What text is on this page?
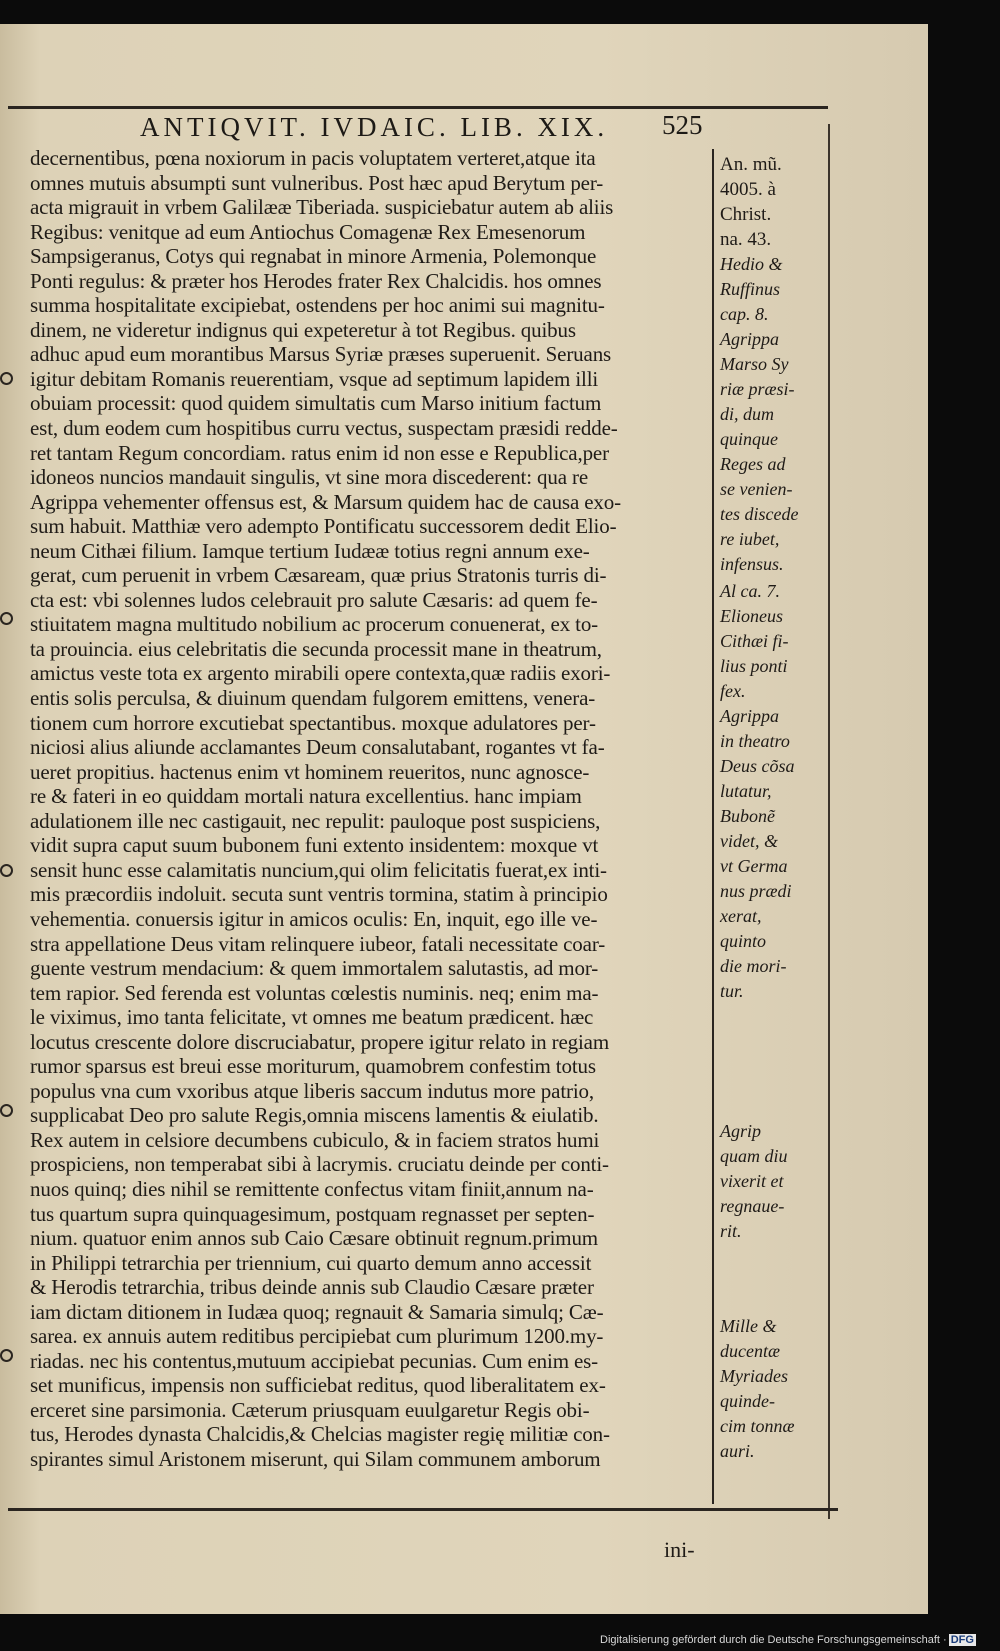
ANTIQVIT. IVDAIC. LIB. XIX. 525
decernentibus, pœna noxiorum in pacis voluptatem verteret,atque ita
omnes mutuis absumpti sunt vulneribus. Post hæc apud Berytum per-
acta migrauit in vrbem Galilææ Tiberiada. suspiciebatur autem ab aliis
Regibus: venitque ad eum Antiochus Comagenæ Rex Emesenorum
Sampsigeranus, Cotys qui regnabat in minore Armenia, Polemonque
Ponti regulus: & præter hos Herodes frater Rex Chalcidis. hos omnes
summa hospitalitate excipiebat, ostendens per hoc animi sui magnitu-
dinem, ne videretur indignus qui expeteretur à tot Regibus. quibus
adhuc apud eum morantibus Marsus Syriæ præses superuenit. Seruans
igitur debitam Romanis reuerentiam, vsque ad septimum lapidem illi
obuiam processit: quod quidem simultatis cum Marso initium factum
est, dum eodem cum hospitibus curru vectus, suspectam præsidi redde-
ret tantam Regum concordiam. ratus enim id non esse e Republica,per
idoneos nuncios mandauit singulis, vt sine mora discederent: qua re
Agrippa vehementer offensus est, & Marsum quidem hac de causa exo-
sum habuit. Matthiæ vero adempto Pontificatu successorem dedit Elio-
neum Cithæi filium. Iamque tertium Iudææ totius regni annum exe-
gerat, cum peruenit in vrbem Cæsaream, quæ prius Stratonis turris di-
cta est: vbi solennes ludos celebrauit pro salute Cæsaris: ad quem fe-
stiuitatem magna multitudo nobilium ac procerum conuenerat, ex to-
ta prouincia. eius celebritatis die secunda processit mane in theatrum,
amictus veste tota ex argento mirabili opere contexta,quæ radiis exori-
entis solis perculsa, & diuinum quendam fulgorem emittens, venera-
tionem cum horrore excutiebat spectantibus. moxque adulatores per-
niciosi alius aliunde acclamantes Deum consalutabant, rogantes vt fa-
ueret propitius. hactenus enim vt hominem reueritos, nunc agnosce-
re & fateri in eo quiddam mortali natura excellentius. hanc impiam
adulationem ille nec castigauit, nec repulit: pauloque post suspiciens,
vidit supra caput suum bubonem funi extento insidentem: moxque vt
sensit hunc esse calamitatis nuncium,qui olim felicitatis fuerat,ex inti-
mis præcordiis indoluit. secuta sunt ventris tormina, statim à principio
vehementia. conuersis igitur in amicos oculis: En, inquit, ego ille ve-
stra appellatione Deus vitam relinquere iubeor, fatali necessitate coar-
guente vestrum mendacium: & quem immortalem salutastis, ad mor-
tem rapior. Sed ferenda est voluntas cœlestis numinis. neq; enim ma-
le viximus, imo tanta felicitate, vt omnes me beatum prædicent. hæc
locutus crescente dolore discruciabatur, propere igitur relato in regiam
rumor sparsus est breui esse moriturum, quamobrem confestim totus
populus vna cum vxoribus atque liberis saccum indutus more patrio,
supplicabat Deo pro salute Regis,omnia miscens lamentis & eiulatib.
Rex autem in celsiore decumbens cubiculo, & in faciem stratos humi
prospiciens, non temperabat sibi à lacrymis. cruciatu deinde per conti-
nuos quinq; dies nihil se remittente confectus vitam finiit,annum na-
tus quartum supra quinquagesimum, postquam regnasset per septen-
nium. quatuor enim annos sub Caio Cæsare obtinuit regnum.primum
in Philippi tetrarchia per triennium, cui quarto demum anno accessit
& Herodis tetrarchia, tribus deinde annis sub Claudio Cæsare præter
iam dictam ditionem in Iudæa quoq; regnauit & Samaria simulq; Cæ-
sarea. ex annuis autem reditibus percipiebat cum plurimum 1200.my-
riadas. nec his contentus,mutuum accipiebat pecunias. Cum enim es-
set munificus, impensis non sufficiebat reditus, quod liberalitatem ex-
erceret sine parsimonia. Cæterum priusquam euulgaretur Regis obi-
tus, Herodes dynasta Chalcidis,& Chelcias magister regię militiæ con-
spirantes simul Aristonem miserunt, qui Silam communem amborum
An. mũ.
4005. à
Christ.
na. 43.
Hedio &
Ruffinus
cap. 8.
Agrippa
Marso Sy
riæ præsi-
di, dum
quinque
Reges ad
se venien-
tes discede
re iubet,
infensus.
Al ca. 7.
Elioneus
Cithæi fi-
lius ponti
fex.
Agrippa
in theatro
Deus cõsa
lutatur,
Bubonẽ
videt, &
vt Germa
nus prædi
xerat,
quinto
die mori-
tur.
Agrip
quam diu
vixerit et
regnaue-
rit.
Mille &
ducentæ
Myriades
quinde-
cim tonnæ
auri.
ini-
Digitalisierung gefördert durch die Deutsche Forschungsgemeinschaft · DFG
